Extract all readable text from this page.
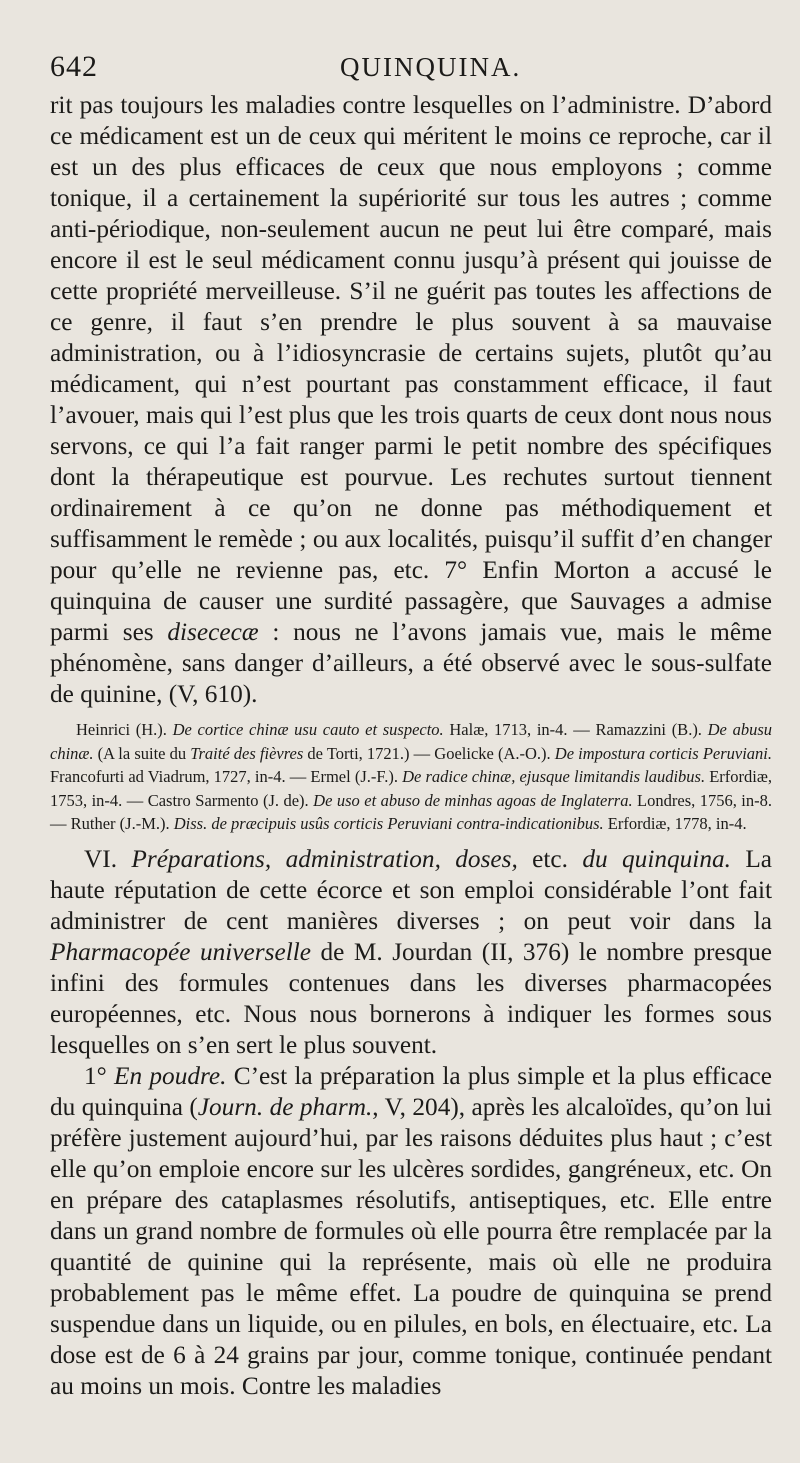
642	QUINQUINA.

rit pas toujours les maladies contre lesquelles on l’administre. D’abord ce médicament est un de ceux qui méritent le moins ce reproche, car il est un des plus efficaces de ceux que nous employons ; comme tonique, il a certainement la supériorité sur tous les autres ; comme anti-périodique, non-seulement aucun ne peut lui être comparé, mais encore il est le seul médicament connu jusqu’à présent qui jouisse de cette propriété merveilleuse. S’il ne guérit pas toutes les affections de ce genre, il faut s’en prendre le plus souvent à sa mauvaise administration, ou à l’idiosyncrasie de certains sujets, plutôt qu’au médicament, qui n’est pourtant pas constamment efficace, il faut l’avouer, mais qui l’est plus que les trois quarts de ceux dont nous nous servons, ce qui l’a fait ranger parmi le petit nombre des spécifiques dont la thérapeutique est pourvue. Les rechutes surtout tiennent ordinairement à ce qu’on ne donne pas méthodiquement et suffisamment le remède ; ou aux localités, puisqu’il suffit d’en changer pour qu’elle ne revienne pas, etc. 7° Enfin Morton a accusé le quinquina de causer une surdité passagère, que Sauvages a admise parmi ses disececæ : nous ne l’avons jamais vue, mais le même phénomène, sans danger d’ailleurs, a été observé avec le sous-sulfate de quinine, (V, 610).

Heinrici (H.). De cortice chinæ usu cauto et suspecto. Halæ, 1713, in-4. — Ramazzini (B.). De abusu chinæ. (A la suite du Traité des fièvres de Torti, 1721.) — Goelicke (A.-O.). De impostura corticis Peruviani. Francofurti ad Viadrum, 1727, in-4. — Ermel (J.-F.). De radice chinæ, ejusque limitandis laudibus. Erfordiæ, 1753, in-4. — Castro Sarmento (J. de). De uso et abuso de minhas agoas de Inglaterra. Londres, 1756, in-8. — Ruther (J.-M.). Diss. de præcipuis usûs corticis Peruviani contra-indicationibus. Erfordiæ, 1778, in-4.

VI. Préparations, administration, doses, etc. du quinquina. La haute réputation de cette écorce et son emploi considérable l’ont fait administrer de cent manières diverses ; on peut voir dans la Pharmacopée universelle de M. Jourdan (II, 376) le nombre presque infini des formules contenues dans les diverses pharmacopées européennes, etc. Nous nous bornerons à indiquer les formes sous lesquelles on s’en sert le plus souvent.

1° En poudre. C’est la préparation la plus simple et la plus efficace du quinquina (Journ. de pharm., V, 204), après les alcaloïdes, qu’on lui préfère justement aujourd’hui, par les raisons déduites plus haut ; c’est elle qu’on emploie encore sur les ulcères sordides, gangréneux, etc. On en prépare des cataplasmes résolutifs, antiseptiques, etc. Elle entre dans un grand nombre de formules où elle pourra être remplacée par la quantité de quinine qui la représente, mais où elle ne produira probablement pas le même effet. La poudre de quinquina se prend suspendue dans un liquide, ou en pilules, en bols, en électuaire, etc. La dose est de 6 à 24 grains par jour, comme tonique, continuée pendant au moins un mois. Contre les maladies
